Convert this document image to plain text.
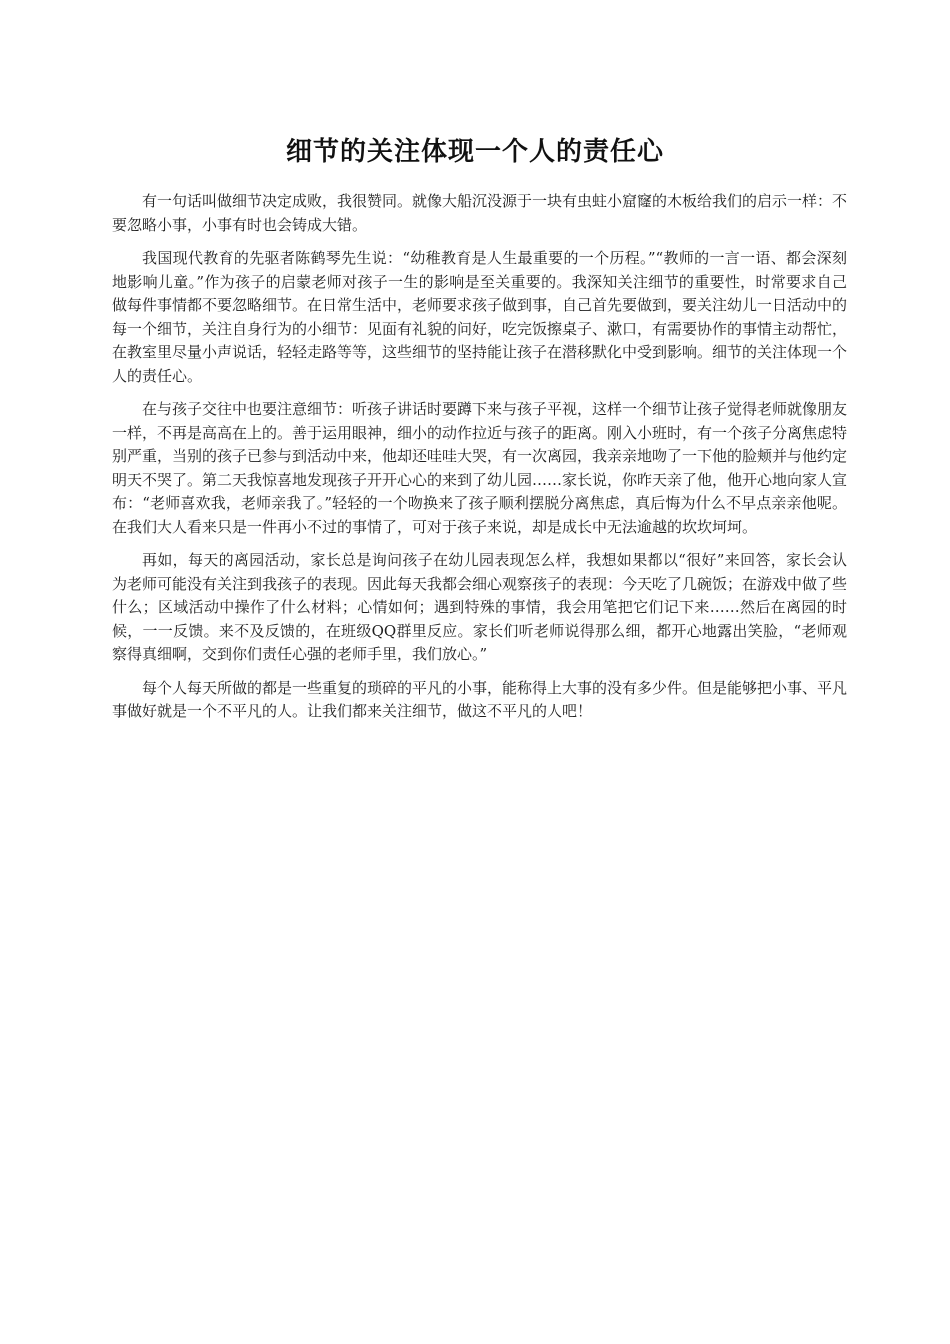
细节的关注体现一个人的责任心

有一句话叫做细节决定成败，我很赞同。就像大船沉没源于一块有虫蛀小窟窿的木板给我们的启示一样：不要忽略小事，小事有时也会铸成大错。

我国现代教育的先驱者陈鹤琴先生说：“幼稚教育是人生最重要的一个历程。”“教师的一言一语、都会深刻地影响儿童。”作为孩子的启蒙老师对孩子一生的影响是至关重要的。我深知关注细节的重要性，时常要求自己做每件事情都不要忽略细节。在日常生活中，老师要求孩子做到事，自己首先要做到，要关注幼儿一日活动中的每一个细节，关注自身行为的小细节：见面有礼貌的问好，吃完饭擦桌子、漱口，有需要协作的事情主动帮忙，在教室里尽量小声说话，轻轻走路等等，这些细节的坚持能让孩子在潜移默化中受到影响。细节的关注体现一个人的责任心。

在与孩子交往中也要注意细节：听孩子讲话时要蹲下来与孩子平视，这样一个细节让孩子觉得老师就像朋友一样，不再是高高在上的。善于运用眼神，细小的动作拉近与孩子的距离。刚入小班时，有一个孩子分离焦虑特别严重，当别的孩子已参与到活动中来，他却还哇哇大哭，有一次离园，我亲亲地吻了一下他的脸颊并与他约定明天不哭了。第二天我惊喜地发现孩子开开心心的来到了幼儿园……家长说，你昨天亲了他，他开心地向家人宣布：“老师喜欢我，老师亲我了。”轻轻的一个吻换来了孩子顺利摆脱分离焦虑，真后悔为什么不早点亲亲他呢。在我们大人看来只是一件再小不过的事情了，可对于孩子来说，却是成长中无法逾越的坎坎坷坷。

再如，每天的离园活动，家长总是询问孩子在幼儿园表现怎么样，我想如果都以“很好”来回答，家长会认为老师可能没有关注到我孩子的表现。因此每天我都会细心观察孩子的表现：今天吃了几碗饭；在游戏中做了些什么；区域活动中操作了什么材料；心情如何；遇到特殊的事情，我会用笔把它们记下来……然后在离园的时候，一一反馈。来不及反馈的，在班级QQ群里反应。家长们听老师说得那么细，都开心地露出笑脸，“老师观察得真细啊，交到你们责任心强的老师手里，我们放心。”

每个人每天所做的都是一些重复的琐碎的平凡的小事，能称得上大事的没有多少件。但是能够把小事、平凡事做好就是一个不平凡的人。让我们都来关注细节，做这不平凡的人吧！
